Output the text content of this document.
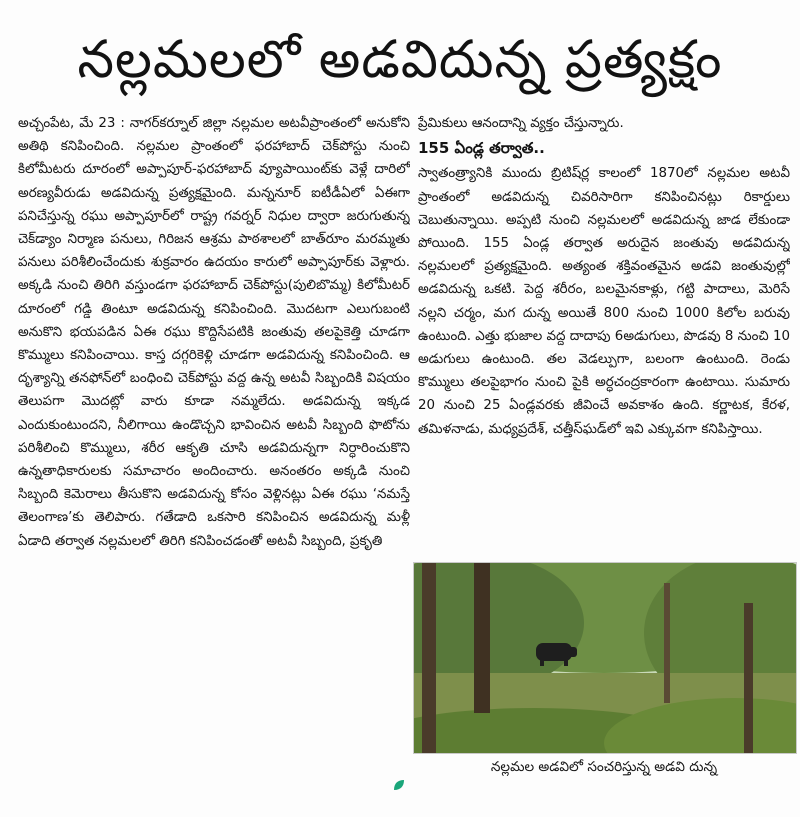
నల్లమలలో అడవిదున్న ప్రత్యక్షం

అచ్చంపేట, మే 23 : నాగర్‌కర్నూల్ జిల్లా నల్లమల అటవీప్రాంతంలో అనుకోని అతిథి కనిపించింది. నల్లమల ప్రాంతంలో ఫరహాబాద్ చెక్‌పోస్టు నుంచి కిలోమీటరు దూరంలో అప్పాపూర్-ఫరహాబాద్ వ్యూపాయింట్‌కు వెళ్లే దారిలో అరణ్యవీరుడు అడవిదున్న ప్రత్యక్షమైంది. మన్ననూర్ ఐటీడీఏలో ఏఈగా పనిచేస్తున్న రఘు అప్పాపూర్‌లో రాష్ట్ర గవర్నర్ నిధుల ద్వారా జరుగుతున్న చెక్‌డ్యాం నిర్మాణ పనులు, గిరిజన ఆశ్రమ పాఠశాలలో బాత్‌రూం మరమ్మతు పనులు పరిశీలించేందుకు శుక్రవారం ఉదయం కారులో అప్పాపూర్‌కు వెళ్లారు. అక్కడి నుంచి తిరిగి వస్తుండగా ఫరహాబాద్ చెక్‌పోస్టు(పులిబొమ్మ) కిలోమీటర్ దూరంలో గడ్డి తింటూ అడవిదున్న కనిపించింది. మొదటగా ఎలుగుబంటి అనుకొని భయపడిన ఏఈ రఘు కొద్దిసేపటికి జంతువు తలపైకెత్తి చూడగా కొమ్ములు కనిపించాయి. కాస్త దగ్గరికెళ్లి చూడగా అడవిదున్న కనిపించింది. ఆ దృశ్యాన్ని తనఫోన్‌లో బంధించి చెక్‌పోస్టు వద్ద ఉన్న అటవీ సిబ్బందికి విషయం తెలుపగా మొదట్లో వారు కూడా నమ్మలేదు. అడవిదున్న ఇక్కడ ఎందుకుంటుందని, నీలిగాయి ఉండొచ్చని భావించిన అటవీ సిబ్బంది ఫొటోను పరిశీలించి కొమ్ములు, శరీర ఆకృతి చూసి అడవిదున్నగా నిర్ధారించుకొని ఉన్నతాధికారులకు సమాచారం అందించారు. అనంతరం అక్కడి నుంచి సిబ్బంది కెమెరాలు తీసుకొని అడవిదున్న కోసం వెళ్లినట్లు ఏఈ రఘు ‘నమస్తే తెలంగాణ’కు తెలిపారు. గతేడాది ఒకసారి కనిపించిన అడవిదున్న మళ్లీ ఏడాది తర్వాత నల్లమలలో తిరిగి కనిపించడంతో అటవీ సిబ్బంది, ప్రకృతి

ప్రేమికులు ఆనందాన్ని వ్యక్తం చేస్తున్నారు.

155 ఏండ్ల తర్వాత..

స్వాతంత్ర్యానికి ముందు బ్రిటిష్‌ర్ల కాలంలో 1870లో నల్లమల అటవీ ప్రాంతంలో అడవిదున్న చివరిసారిగా కనిపించినట్లు రికార్డులు చెబుతున్నాయి. అప్పటి నుంచి నల్లమలలో అడవిదున్న జాడ లేకుండా పోయింది. 155 ఏండ్ల తర్వాత అరుదైన జంతువు అడవిదున్న నల్లమలలో ప్రత్యక్షమైంది. అత్యంత శక్తివంతమైన అడవి జంతువుల్లో అడవిదున్న ఒకటి. పెద్ద శరీరం, బలమైనకాళ్లు, గట్టి పాదాలు, మెరిసే నల్లని చర్మం, మగ దున్న అయితే 800 నుంచి 1000 కిలోల బరువు ఉంటుంది. ఎత్తు భుజాల వద్ద దాదాపు 6అడుగులు, పొడవు 8 నుంచి 10 అడుగులు ఉంటుంది. తల వెడల్పుగా, బలంగా ఉంటుంది. రెండు కొమ్ములు తలపైభాగం నుంచి పైకి అర్ధచంద్రకారంగా ఉంటాయి. సుమారు 20 నుంచి 25 ఏండ్లవరకు జీవించే అవకాశం ఉంది. కర్ణాటక, కేరళ, తమిళనాడు, మధ్యప్రదేశ్, చత్తీస్‌ఘడ్‌లో ఇవి ఎక్కువగా కనిపిస్తాయి.

నల్లమల అడవిలో సంచరిస్తున్న అడవి దున్న
